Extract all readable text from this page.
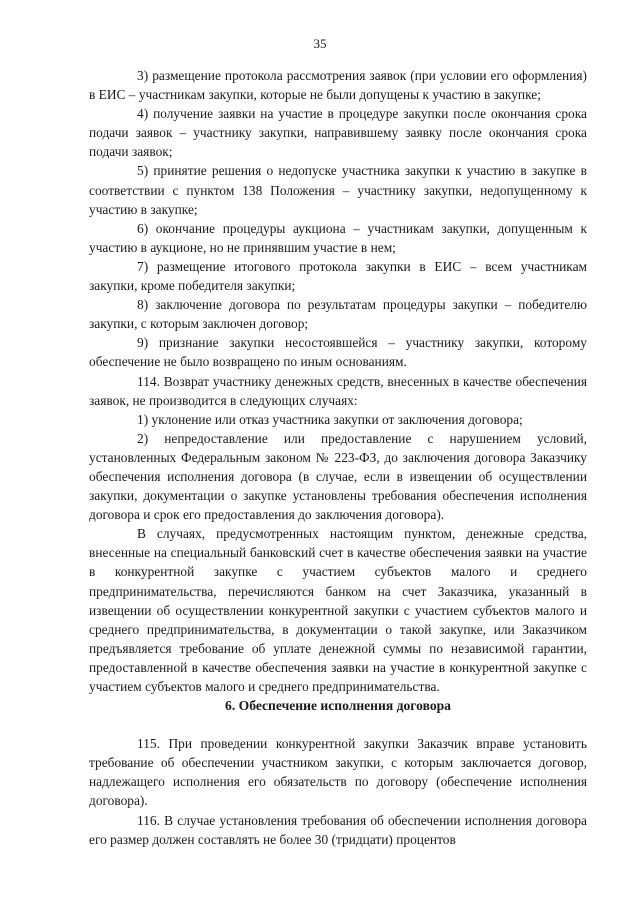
35

3) размещение протокола рассмотрения заявок (при условии его оформления) в ЕИС – участникам закупки, которые не были допущены к участию в закупке;

4) получение заявки на участие в процедуре закупки после окончания срока подачи заявок – участнику закупки, направившему заявку после окончания срока подачи заявок;

5) принятие решения о недопуске участника закупки к участию в закупке в соответствии с пунктом 138 Положения – участнику закупки, недопущенному к участию в закупке;

6) окончание процедуры аукциона – участникам закупки, допущенным к участию в аукционе, но не принявшим участие в нем;

7) размещение итогового протокола закупки в ЕИС – всем участникам закупки, кроме победителя закупки;

8) заключение договора по результатам процедуры закупки – победителю закупки, с которым заключен договор;

9) признание закупки несостоявшейся – участнику закупки, которому обеспечение не было возвращено по иным основаниям.

114. Возврат участнику денежных средств, внесенных в качестве обеспечения заявок, не производится в следующих случаях:

1) уклонение или отказ участника закупки от заключения договора;

2) непредоставление или предоставление с нарушением условий, установленных Федеральным законом № 223-ФЗ, до заключения договора Заказчику обеспечения исполнения договора (в случае, если в извещении об осуществлении закупки, документации о закупке установлены требования обеспечения исполнения договора и срок его предоставления до заключения договора).

В случаях, предусмотренных настоящим пунктом, денежные средства, внесенные на специальный банковский счет в качестве обеспечения заявки на участие в конкурентной закупке с участием субъектов малого и среднего предпринимательства, перечисляются банком на счет Заказчика, указанный в извещении об осуществлении конкурентной закупки с участием субъектов малого и среднего предпринимательства, в документации о такой закупке, или Заказчиком предъявляется требование об уплате денежной суммы по независимой гарантии, предоставленной в качестве обеспечения заявки на участие в конкурентной закупке с участием субъектов малого и среднего предпринимательства.

6. Обеспечение исполнения договора

115. При проведении конкурентной закупки Заказчик вправе установить требование об обеспечении участником закупки, с которым заключается договор, надлежащего исполнения его обязательств по договору (обеспечение исполнения договора).

116. В случае установления требования об обеспечении исполнения договора его размер должен составлять не более 30 (тридцати) процентов
